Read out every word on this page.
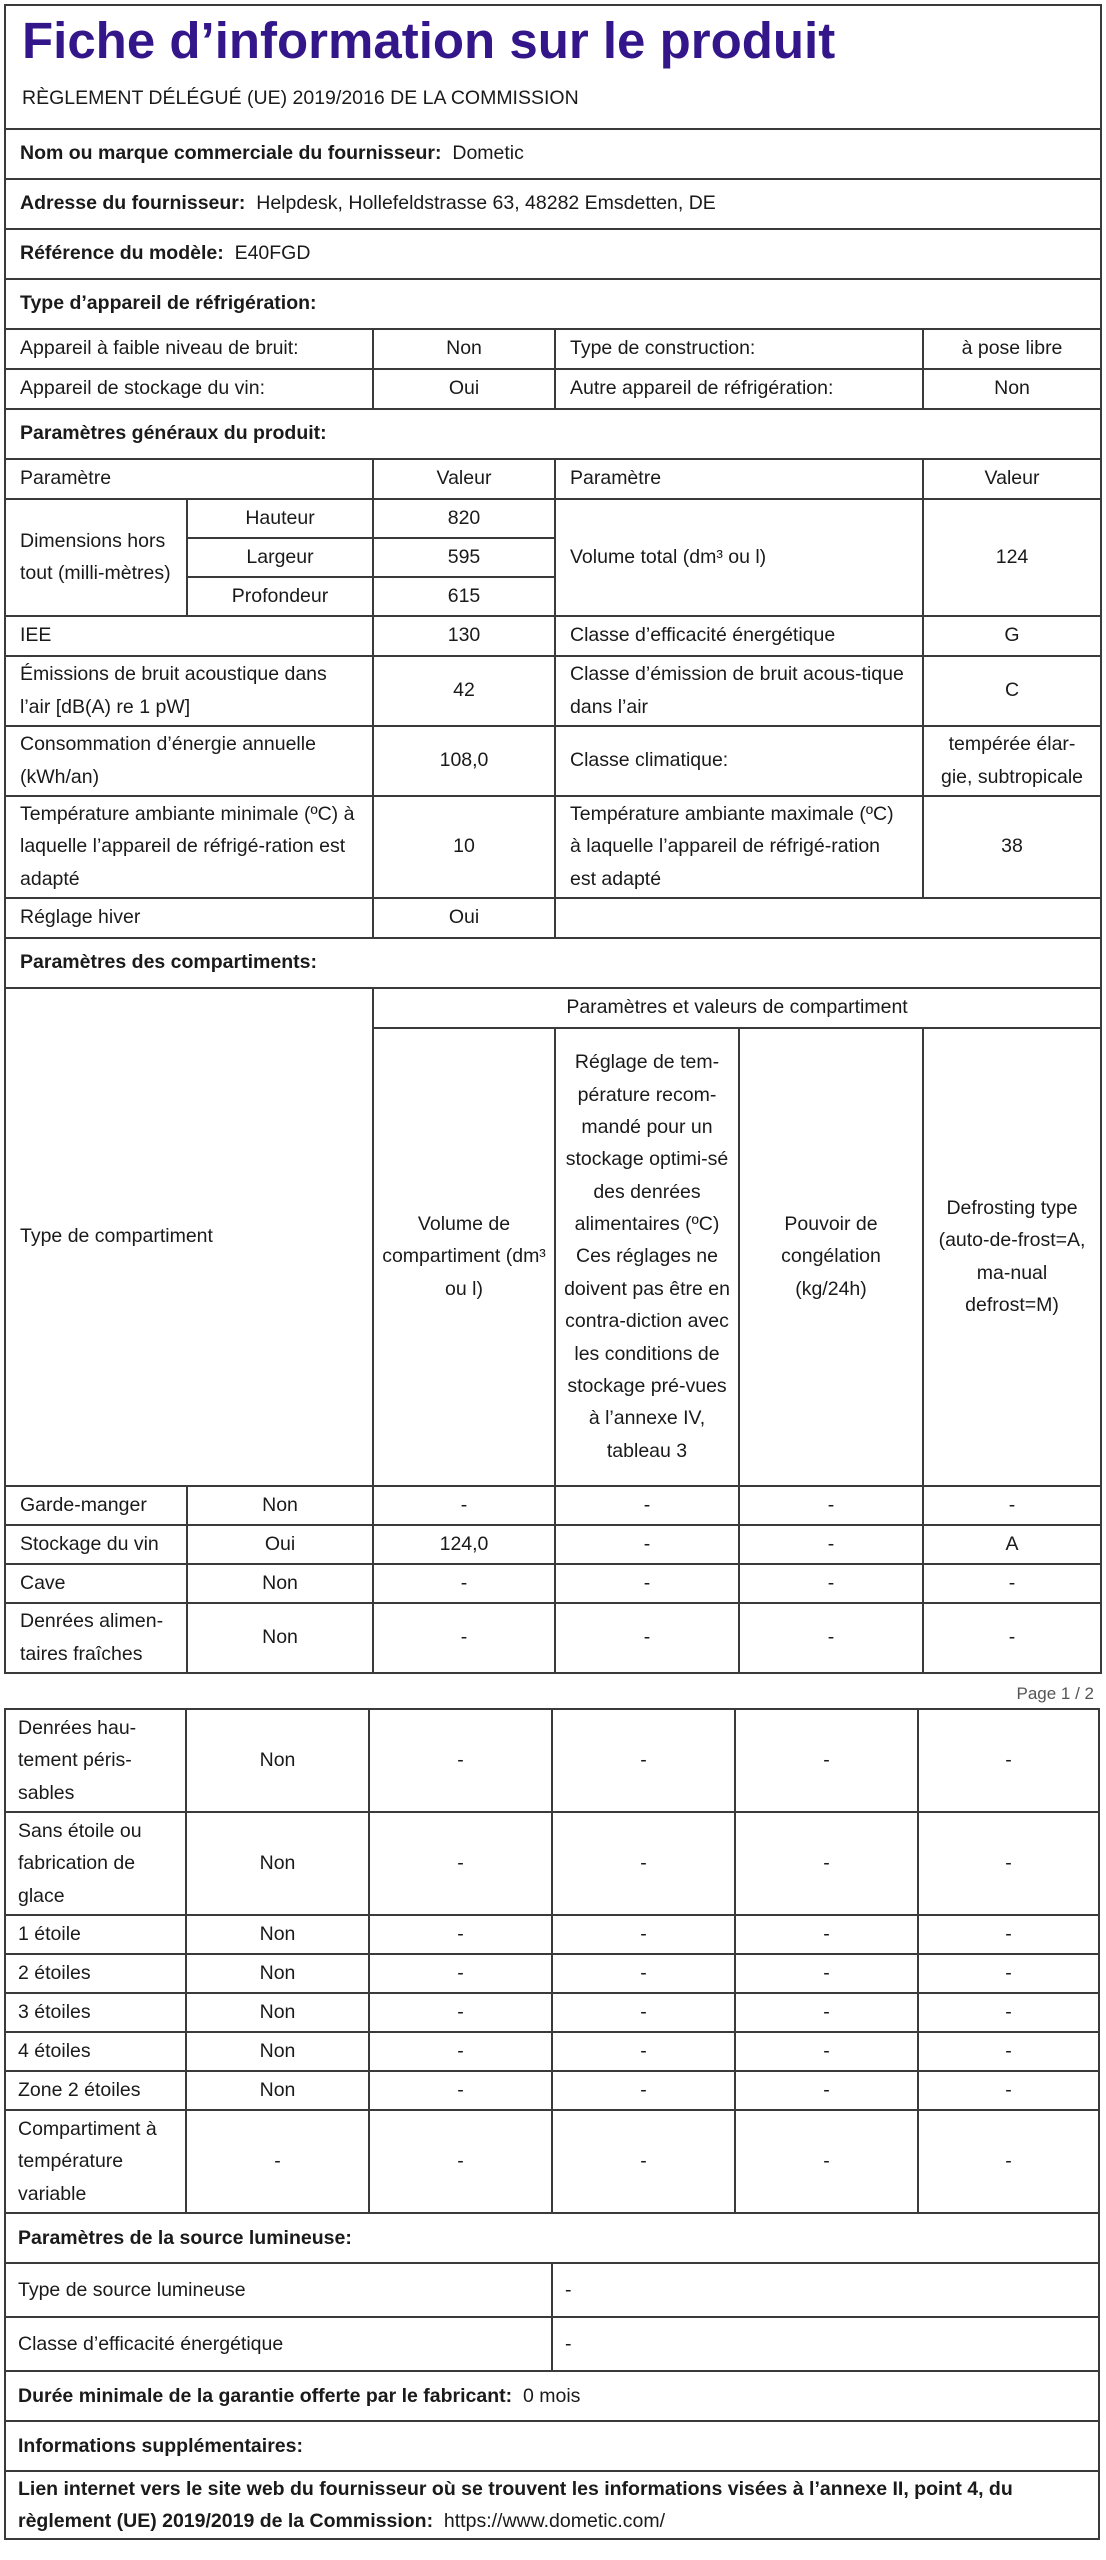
Fiche d’information sur le produit					
RÈGLEMENT DÉLÉGUÉ (UE) 2019/2016 DE LA COMMISSION					
Nom ou marque commerciale du fournisseur: Dometic					
Adresse du fournisseur: Helpdesk, Hollefeldstrasse 63, 48282 Emsdetten, DE					
Référence du modèle: E40FGD					
Type d’appareil de réfrigération:					
Appareil à faible niveau de bruit:		Non	Type de construction:		à pose libre
Appareil de stockage du vin:		Oui	Autre appareil de réfrigération:		Non
Paramètres généraux du produit:					
Paramètre		Valeur	Paramètre		Valeur
Dimensions hors tout (milli-mètres)	Hauteur	820	Volume total (dm³ ou l)		124
	Largeur	595			
	Profondeur	615			
IEE		130	Classe d’efficacité énergétique		G
Émissions de bruit acoustique dans l’air [dB(A) re 1 pW]		42	Classe d’émission de bruit acous-tique dans l’air		C
Consommation d’énergie annuelle (kWh/an)		108,0	Classe climatique:		tempérée élar-gie, subtropicale
Température ambiante minimale (ºC) à laquelle l’appareil de réfrigé-ration est adapté		10	Température ambiante maximale (ºC) à laquelle l’appareil de réfrigé-ration est adapté		38
Réglage hiver		Oui			
Paramètres des compartiments:					
Type de compartiment		Paramètres et valeurs de compartiment			
		Volume de compartiment (dm³ ou l)	Réglage de tem-pérature recom-mandé pour un stockage optimi-sé des denrées alimentaires (ºC) Ces réglages ne doivent pas être en contra-diction avec les conditions de stockage pré-vues à l’annexe IV, tableau 3	Pouvoir de congélation (kg/24h)	Defrosting type (auto-de-frost=A, ma-nual defrost=M)
Garde-manger	Non	-	-	-	-
Stockage du vin	Oui	124,0	-	-	A
Cave	Non	-	-	-	-
Denrées alimen-taires fraîches	Non	-	-	-	-
Page 1 / 2
Denrées hau-tement péris-sables	Non	-	-	-	-
Sans étoile ou fabrication de glace	Non	-	-	-	-
1 étoile	Non	-	-	-	-
2 étoiles	Non	-	-	-	-
3 étoiles	Non	-	-	-	-
4 étoiles	Non	-	-	-	-
Zone 2 étoiles	Non	-	-	-	-
Compartiment à température variable	-	-	-	-	-
Paramètres de la source lumineuse:					
Type de source lumineuse			-		
Classe d’efficacité énergétique			-		
Durée minimale de la garantie offerte par le fabricant: 0 mois					
Informations supplémentaires:					
Lien internet vers le site web du fournisseur où se trouvent les informations visées à l’annexe II, point 4, du règlement (UE) 2019/2019 de la Commission: https://www.dometic.com/					
